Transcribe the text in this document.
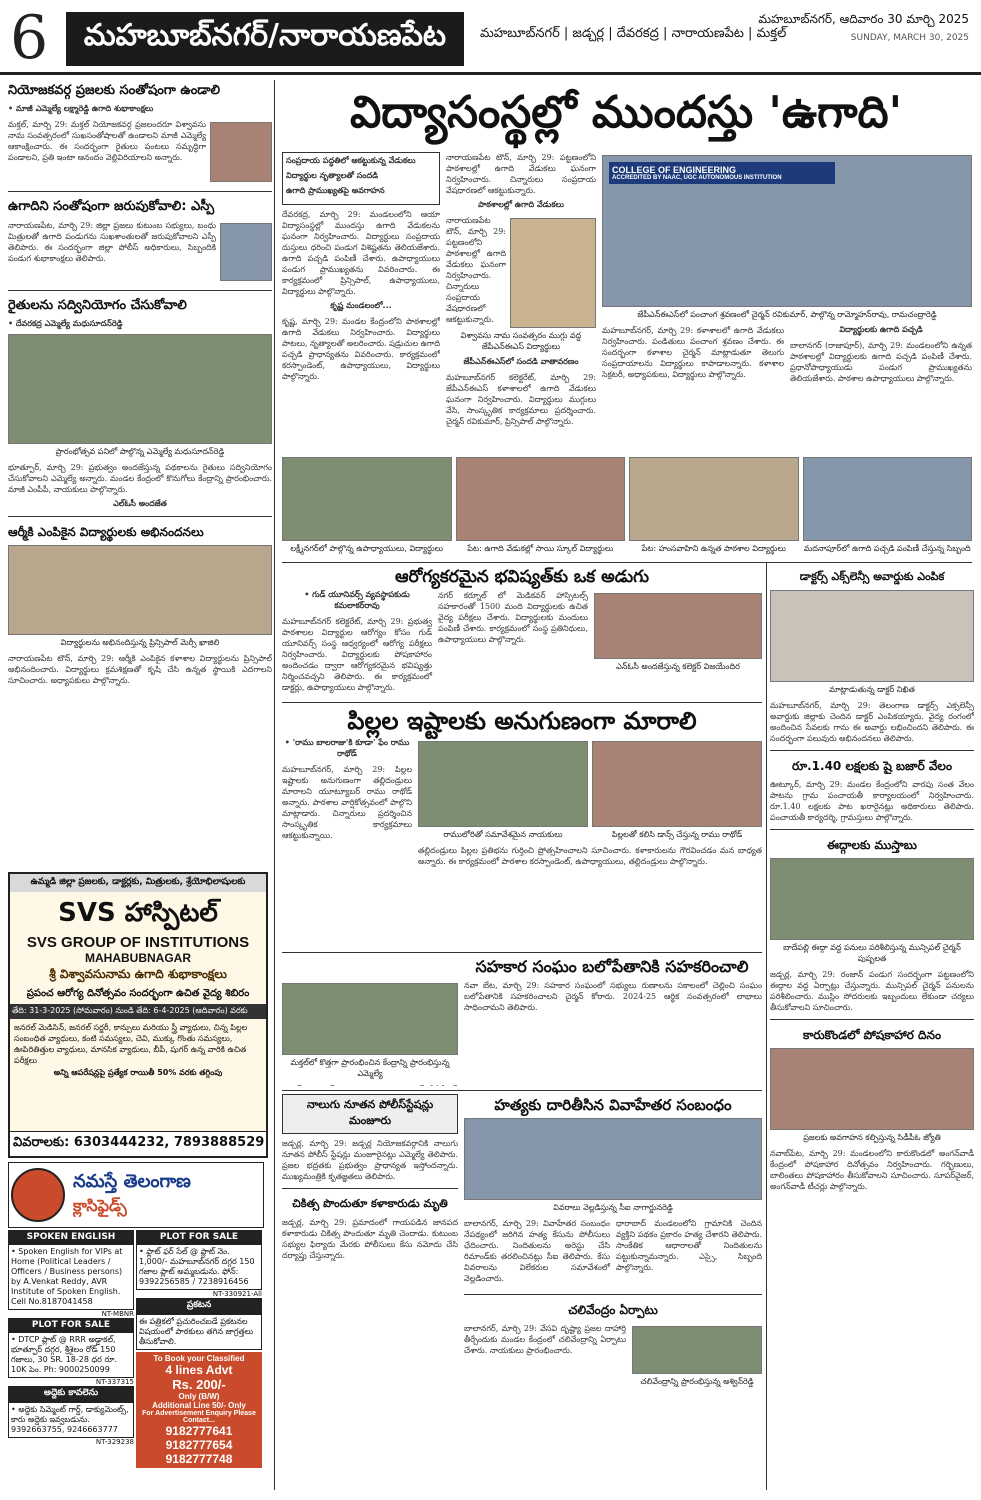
6	మహబూబ్‌నగర్/నారాయణపేట	మహబూబ్‌నగర్ | జడ్చర్ల | దేవరకద్ర | నారాయణపేట | మక్తల్
మహబూబ్‌నగర్, ఆదివారం 30 మార్చి 2025
SUNDAY, MARCH 30, 2025
విద్యాసంస్థల్లో ముందస్తు 'ఉగాది'
నియోజకవర్గ ప్రజలకు సంతోషంగా ఉండాలి
• మాజీ ఎమ్మెల్యే లక్ష్మారెడ్డి ఉగాది శుభాకాంక్షలు

మక్తల్, మార్చి 29: మక్తల్ నియోజకవర్గ ప్రజలందరూ విశ్వావసు నామ సంవత్సరంలో సుఖసంతోషాలతో ఉండాలని మాజీ ఎమ్మెల్యే ఆకాంక్షించారు. ఈ సందర్భంగా రైతులు పంటలు సమృద్ధిగా పండాలని, ప్రతి ఇంటా ఆనందం వెల్లివిరియాలని అన్నారు.

ఉగాదిని సంతోషంగా జరుపుకోవాలి: ఎస్పీ

నారాయణపేట, మార్చి 29: జిల్లా ప్రజలు కుటుంబ సభ్యులు, బంధు మిత్రులతో ఉగాది పండుగను సుఖశాంతులతో జరుపుకోవాలని ఎస్పీ తెలిపారు. ఈ సందర్భంగా జిల్లా పోలీస్ అధికారులు, సిబ్బందికి పండుగ శుభాకాంక్షలు తెలిపారు.

రైతులను సద్వినియోగం చేసుకోవాలి
• దేవరకద్ర ఎమ్మెల్యే మధుసూదన్‌రెడ్డి
ప్రారంభోత్సవ పనిలో పాల్గొన్న ఎమ్మెల్యే మధుసూదన్‌రెడ్డి

భూత్పూర్, మార్చి 29: ప్రభుత్వం అందజేస్తున్న పథకాలను రైతులు సద్వినియోగం చేసుకోవాలని ఎమ్మెల్యే అన్నారు. మండల కేంద్రంలో కొనుగోలు కేంద్రాన్ని ప్రారంభించారు. మాజీ ఎంపీపీ, నాయకులు పాల్గొన్నారు.

ఎల్ఓసీ అందజేత
ఆర్మీకి ఎంపికైన విద్యార్థులకు అభినందనలు
విద్యార్థులను అభినందిస్తున్న ప్రిన్సిపాల్ మెర్సీ ఖాజిలి

నారాయణపేట టౌన్, మార్చి 29: ఆర్మీకి ఎంపికైన కళాశాల విద్యార్థులను ప్రిన్సిపాల్ అభినందించారు. విద్యార్థులు క్రమశిక్షణతో కృషి చేసి ఉన్నత స్థాయికి ఎదగాలని సూచించారు. అధ్యాపకులు పాల్గొన్నారు.

ఉమ్మడి జిల్లా ప్రజలకు, డాక్టర్లకు, మిత్రులకు, శ్రేయోభిలాషులకు
SVS హాస్పిటల్
SVS GROUP OF INSTITUTIONS
MAHABUBNAGAR
శ్రీ విశ్వావసునామ ఉగాది శుభాకాంక్షలు
ప్రపంచ ఆరోగ్య దినోత్సవం సందర్భంగా ఉచిత వైద్య శిబిరం
తేది: 31-3-2025 (సోమవారం) నుండి తేది: 6-4-2025 (ఆదివారం) వరకు
జనరల్ మెడిసిన్, జనరల్ సర్జరీ, కాన్పులు మరియు స్త్రీ వ్యాధులు, చిన్న పిల్లల సంబంధిత వ్యాధులు, కంటి సమస్యలు, చెవి, ముక్కు గొంతు సమస్యలు, ఊపిరితిత్తుల వ్యాధులు, మానసిక వ్యాధులు, బీపీ, షుగర్ ఉన్న వారికి ఉచిత పరీక్షలు
అన్ని ఆపరేషన్లపై ప్రత్యేక రాయితీ 50% వరకు తగ్గింపు
వివరాలకు: 6303444232, 7893888529
నమస్తే తెలంగాణ
క్లాసిఫైడ్స్
SPOKEN ENGLISH
• Spoken English for VIPs at Home (Political Leaders / Officers / Business persons) by A.Venkat Reddy, AVR Institute of Spoken English. Cell No.8187041458
NT-MBNR
PLOT FOR SALE
• DTCP ప్లాట్ @ RRR అడ్డాకల్, భూత్పూర్ దగ్గర, శ్రీశైలం రోడ్ 150 గజాలు, 30 SR. 18-28 ధర రూ. 10K పెం. Ph: 9000250099
NT-337315
అద్దెకు కావలెను
• అద్దెకు సిమ్మెంట్ గార్డ్, డాక్యుమెంట్స్, కారు అద్దెకు ఇవ్వబడును. 9392663755, 9246663777
NT-329238
PLOT FOR SALE
• ఫ్లాట్ ఫర్ సేల్ @ ప్లాట్ నెం. 1,000/- మహబూబ్‌నగర్ దగ్గర 150 గజాల ప్లాట్ అమ్మబడును. ఫోన్: 9392256585 / 7238916456
NT-330921-All
ప్రకటన
ఈ పత్రికలో ప్రచురించబడే ప్రకటనల విషయంలో పాఠకులు తగిన జాగ్రత్తలు తీసుకోవాలి.
To Book your Classified
4 lines Advt
Rs. 200/-
Only (B/W)
Additional Line 50/- Only
For Advertisement Enquiry Please Contact...
9182777641
9182777654
9182777748
సంప్రదాయ పద్ధతిలో ఆకట్టుకున్న వేడుకలు
విద్యార్థుల నృత్యాలతో సందడి
ఉగాది ప్రాముఖ్యతపై అవగాహన

దేవరకద్ర, మార్చి 29: మండలంలోని ఆయా విద్యాసంస్థల్లో ముందస్తు ఉగాది వేడుకలను ఘనంగా నిర్వహించారు. విద్యార్థులు సంప్రదాయ దుస్తులు ధరించి పండుగ విశిష్టతను తెలియజేశారు. ఉగాది పచ్చడి పంపిణీ చేశారు. ఉపాధ్యాయులు పండుగ ప్రాముఖ్యతను వివరించారు. ఈ కార్యక్రమంలో ప్రిన్సిపాల్, ఉపాధ్యాయులు, విద్యార్థులు పాల్గొన్నారు.

కృష్ణ మండలంలో...

కృష్ణ, మార్చి 29: మండల కేంద్రంలోని పాఠశాలల్లో ఉగాది వేడుకలు నిర్వహించారు. విద్యార్థులు పాటలు, నృత్యాలతో అలరించారు. షడ్రుచుల ఉగాది పచ్చడి ప్రాధాన్యతను వివరించారు. కార్యక్రమంలో కరస్పాండెంట్, ఉపాధ్యాయులు, విద్యార్థులు పాల్గొన్నారు.

నారాయణపేట టౌన్, మార్చి 29: పట్టణంలోని పాఠశాలల్లో ఉగాది వేడుకలు ఘనంగా నిర్వహించారు. చిన్నారులు సంప్రదాయ వేషధారణలో ఆకట్టుకున్నారు.

పాఠశాలల్లో ఉగాది వేడుకలు

నారాయణపేట టౌన్, మార్చి 29: పట్టణంలోని పాఠశాలల్లో ఉగాది వేడుకలు ఘనంగా నిర్వహించారు. చిన్నారులు సంప్రదాయ వేషధారణలో ఆకట్టుకున్నారు.

విశ్వావసు నామ సంవత్సరం ముగ్గు వద్ద జేపీఎన్ఈఎస్ విద్యార్థులు
జేపీఎన్ఈఎస్‌లో సందడి వాతావరణం

మహబూబ్‌నగర్ కలెక్టరేట్, మార్చి 29: జేపీఎన్ఈఎస్ కళాశాలలో ఉగాది వేడుకలు ఘనంగా నిర్వహించారు. విద్యార్థులు ముగ్గులు వేసి, సాంస్కృతిక కార్యక్రమాలు ప్రదర్శించారు. చైర్మన్ రవికుమార్, ప్రిన్సిపాల్ పాల్గొన్నారు.

COLLEGE OF ENGINEERING
ACCREDITED BY NAAC, UGC AUTONOMOUS INSTITUTION
జేపీఎన్ఈఎస్‌లో పంచాంగ శ్రవణంలో చైర్మన్ రవికుమార్, పాల్గొన్న రామ్మోహన్‌రావు, రామచంద్రారెడ్డి

మహబూబ్‌నగర్, మార్చి 29: కళాశాలలో ఉగాది వేడుకలు నిర్వహించారు. పండితులు పంచాంగ శ్రవణం చేశారు. ఈ సందర్భంగా కళాశాల చైర్మన్ మాట్లాడుతూ తెలుగు సంప్రదాయాలను విద్యార్థులు కాపాడాలన్నారు. కళాశాల సెక్రటరీ, అధ్యాపకులు, విద్యార్థులు పాల్గొన్నారు.

విద్యార్థులకు ఉగాది పచ్చడి

బాలానగర్ (రాజాపూర్), మార్చి 29: మండలంలోని ఉన్నత పాఠశాలల్లో విద్యార్థులకు ఉగాది పచ్చడి పంపిణీ చేశారు. ప్రధానోపాధ్యాయుడు పండుగ ప్రాముఖ్యతను తెలియజేశారు. పాఠశాల ఉపాధ్యాయులు పాల్గొన్నారు.

లక్ష్మీనగర్‌లో పాల్గొన్న ఉపాధ్యాయులు, విద్యార్థులు	పేట: ఉగాది వేడుకల్లో సాయి స్కూల్ విద్యార్థులు	పేట: హంసవాహిని ఉన్నత పాఠశాల విద్యార్థులు	మదనాపూర్‌లో ఉగాది పచ్చడి పంపిణీ చేస్తున్న సిబ్బంది
ఆరోగ్యకరమైన భవిష్యత్‌కు ఒక అడుగు
• గుడ్ యూనివర్స్ వ్యవస్థాపకుడు కమలాకర్‌రావు

మహబూబ్‌నగర్ కలెక్టరేట్, మార్చి 29: ప్రభుత్వ పాఠశాలల విద్యార్థుల ఆరోగ్యం కోసం గుడ్ యూనివర్స్ సంస్థ ఆధ్వర్యంలో ఆరోగ్య పరీక్షలు నిర్వహించారు. విద్యార్థులకు పోషకాహారం అందించడం ద్వారా ఆరోగ్యకరమైన భవిష్యత్తు నిర్మించవచ్చని తెలిపారు. ఈ కార్యక్రమంలో డాక్టర్లు, ఉపాధ్యాయులు పాల్గొన్నారు.

నగర్ కర్నూల్ లో మెడికవర్ హాస్పిటల్స్ సహకారంతో 1500 మంది విద్యార్థులకు ఉచిత వైద్య పరీక్షలు చేశారు. విద్యార్థులకు మందులు పంపిణీ చేశారు. కార్యక్రమంలో సంస్థ ప్రతినిధులు, ఉపాధ్యాయులు పాల్గొన్నారు.

ఎన్ఓసీ అందజేస్తున్న కలెక్టర్ విజయేందిర
పిల్లల ఇష్టాలకు అనుగుణంగా మారాలి
• 'రాము బాలరాజు'కి కూడా' ఫేం రాము రాథోడ్

మహబూబ్‌నగర్, మార్చి 29: పిల్లల ఇష్టాలకు అనుగుణంగా తల్లిదండ్రులు మారాలని యూట్యూబర్ రాము రాథోడ్ అన్నారు. పాఠశాల వార్షికోత్సవంలో పాల్గొని మాట్లాడారు. చిన్నారులు ప్రదర్శించిన సాంస్కృతిక కార్యక్రమాలు ఆకట్టుకున్నాయి.	రాములోరితో సమావేశమైన నాయకులు	పిల్లలతో కలిసి డాన్స్ చేస్తున్న రాము రాథోడ్

తల్లిదండ్రులు పిల్లల ప్రతిభను గుర్తించి ప్రోత్సహించాలని సూచించారు. కళాకారులను గౌరవించడం మన బాధ్యత అన్నారు. ఈ కార్యక్రమంలో పాఠశాల కరస్పాండెంట్, ఉపాధ్యాయులు, తల్లిదండ్రులు పాల్గొన్నారు.

సహకార సంఘం బలోపేతానికి సహకరించాలి
మక్తల్‌లో కొత్తగా ప్రారంభించిన కేంద్రాన్ని ప్రారంభిస్తున్న ఎమ్మెల్యే

నవా బేట, మార్చి 29: సహకార సంఘంలో సభ్యులు రుణాలను సకాలంలో చెల్లించి సంఘం బలోపేతానికి సహకరించాలని చైర్మన్ కోరారు. 2024-25 ఆర్థిక సంవత్సరంలో లాభాలు సాధించామని తెలిపారు.

నాలుగు నూతన పోలీస్‌స్టేషన్లు మంజూరు

జడ్చర్ల, మార్చి 29: జడ్చర్ల నియోజకవర్గానికి నాలుగు నూతన పోలీస్ స్టేషన్లు మంజూరైనట్లు ఎమ్మెల్యే తెలిపారు. ప్రజల భద్రతకు ప్రభుత్వం ప్రాధాన్యత ఇస్తోందన్నారు. ముఖ్యమంత్రికి కృతజ్ఞతలు తెలిపారు.

చికిత్స పొందుతూ కళాకారుడు మృతి

జడ్చర్ల, మార్చి 29: ప్రమాదంలో గాయపడిన జానపద కళాకారుడు చికిత్స పొందుతూ మృతి చెందాడు. కుటుంబ సభ్యుల ఫిర్యాదు మేరకు పోలీసులు కేసు నమోదు చేసి దర్యాప్తు చేస్తున్నారు.

హత్యకు దారితీసిన వివాహేతర సంబంధం
వివరాలు వెల్లడిస్తున్న సీఐ నాగార్జునరెడ్డి

బాలానగర్, మార్చి 29: వివాహేతర సంబంధం నేపథ్యంలో జరిగిన హత్య కేసును పోలీసులు ఛేదించారు. నిందితులను అరెస్టు చేసి రిమాండ్‌కు తరలించినట్లు సీఐ తెలిపారు. కేసు వివరాలను విలేకరుల సమావేశంలో వెల్లడించారు.

ధారాబాద్ మండలంలోని గ్రామానికి చెందిన వ్యక్తిని పథకం ప్రకారం హత్య చేశారని తెలిపారు. సాంకేతిక ఆధారాలతో నిందితులను పట్టుకున్నామన్నారు. ఎస్సై, సిబ్బంది పాల్గొన్నారు.

చలివేంద్రం ఏర్పాటు

బాలానగర్, మార్చి 29: వేసవి దృష్ట్యా ప్రజల దాహార్తి తీర్చేందుకు మండల కేంద్రంలో చలివేంద్రాన్ని ఏర్పాటు చేశారు. నాయకులు ప్రారంభించారు.

చలివేంద్రాన్ని ప్రారంభిస్తున్న అశ్విన్‌రెడ్డి
డాక్టర్స్ ఎక్స్‌లెన్సీ అవార్డుకు ఎంపిక
మాట్లాడుతున్న డాక్టర్ నిఖిత

మహబూబ్‌నగర్, మార్చి 29: తెలంగాణ డాక్టర్స్ ఎక్సలెన్సీ అవార్డుకు జిల్లాకు చెందిన డాక్టర్ ఎంపికయ్యారు. వైద్య రంగంలో అందించిన సేవలకు గాను ఈ అవార్డు లభించిందని తెలిపారు. ఈ సందర్భంగా పలువురు అభినందనలు తెలిపారు.

రూ.1.40 లక్షలకు షై బజార్ వేలం

ఊట్కూర్, మార్చి 29: మండల కేంద్రంలోని వారపు సంత వేలం పాటను గ్రామ పంచాయతీ కార్యాలయంలో నిర్వహించారు. రూ.1.40 లక్షలకు పాట ఖరారైనట్లు అధికారులు తెలిపారు. పంచాయతీ కార్యదర్శి, గ్రామస్తులు పాల్గొన్నారు.

ఈద్గాలకు ముస్తాబు
బాదేపల్లి ఈద్గా వద్ద పనులు పరిశీలిస్తున్న మున్సిపల్ చైర్మన్ పుష్పలత

జడ్చర్ల, మార్చి 29: రంజాన్ పండుగ సందర్భంగా పట్టణంలోని ఈద్గాల వద్ద ఏర్పాట్లు చేస్తున్నారు. మున్సిపల్ చైర్మన్ పనులను పరిశీలించారు. ముస్లిం సోదరులకు ఇబ్బందులు లేకుండా చర్యలు తీసుకోవాలని సూచించారు.

కారుకొండలో పోషకాహార దినం
ప్రజలకు అవగాహన కల్పిస్తున్న సిడీపీఓ జ్యోతి

నవాబ్‌పేట, మార్చి 29: మండలంలోని కారుకొండలో అంగన్‌వాడీ కేంద్రంలో పోషకాహార దినోత్సవం నిర్వహించారు. గర్భిణులు, బాలింతలు పోషకాహారం తీసుకోవాలని సూచించారు. సూపర్‌వైజర్, అంగన్‌వాడీ టీచర్లు పాల్గొన్నారు.
